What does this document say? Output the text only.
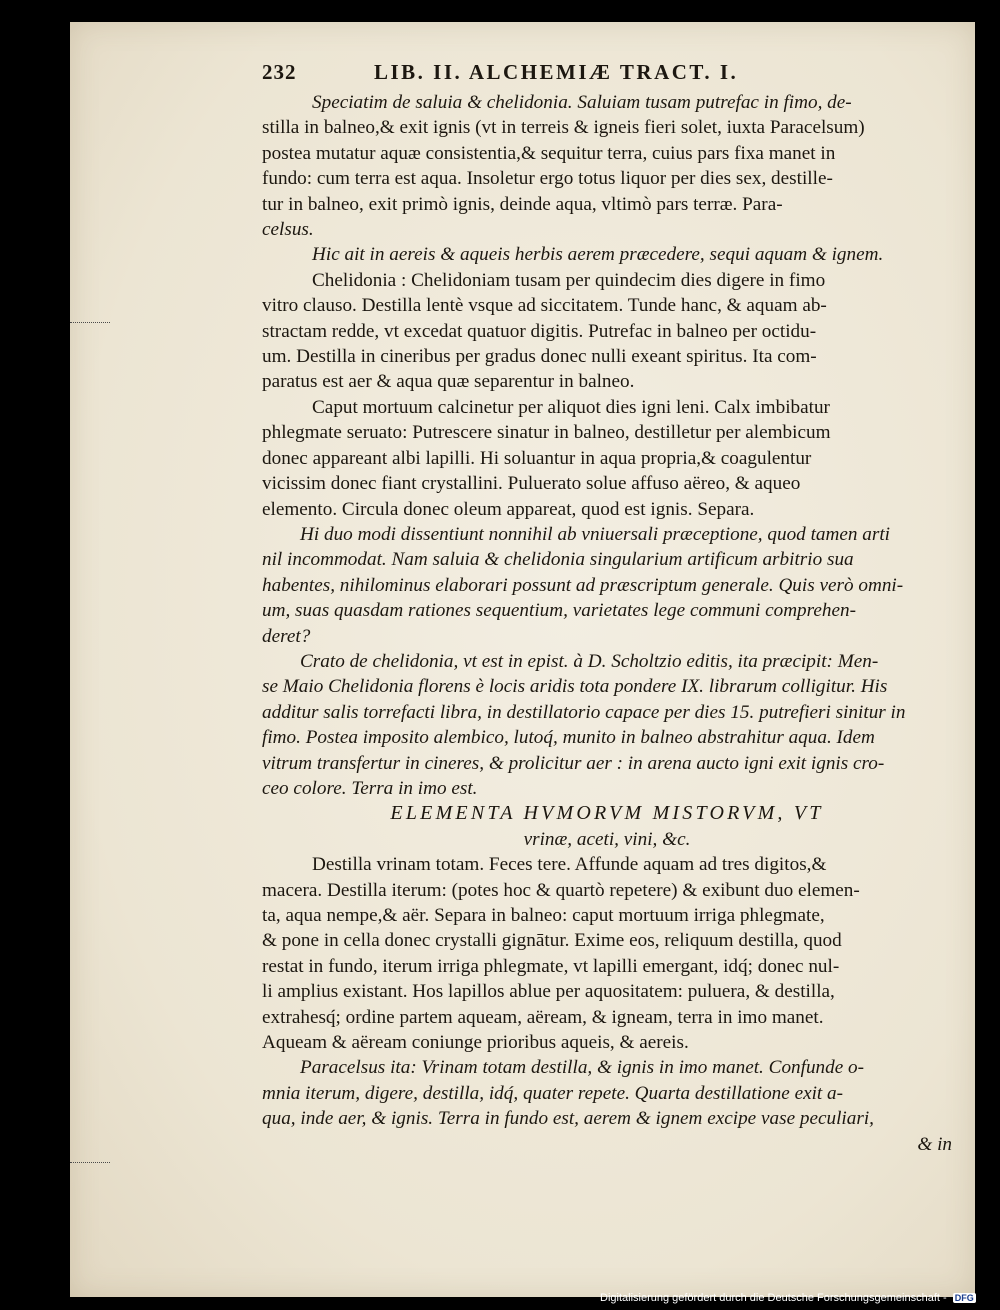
232	LIB. II. ALCHEMIÆ TRACT. I.
Speciatim de saluia & chelidonia. Saluiam tusam putrefac in fimo, de-
stilla in balneo,& exit ignis (vt in terreis & igneis fieri solet, iuxta Paracelsum)
postea mutatur aquæ consistentia,& sequitur terra, cuius pars fixa manet in
fundo: cum terra est aqua. Insoletur ergo totus liquor per dies sex, destille-
tur in balneo, exit primò ignis, deinde aqua, vltimò pars terræ. Para-
celsus.
Hic ait in aereis & aqueis herbis aerem præcedere, sequi aquam & ignem.
Chelidonia : Chelidoniam tusam per quindecim dies digere in fimo
vitro clauso. Destilla lentè vsque ad siccitatem. Tunde hanc, & aquam ab-
stractam redde, vt excedat quatuor digitis. Putrefac in balneo per octidu-
um. Destilla in cineribus per gradus donec nulli exeant spiritus. Ita com-
paratus est aer & aqua quæ separentur in balneo.
Caput mortuum calcinetur per aliquot dies igni leni. Calx imbibatur
phlegmate seruato: Putrescere sinatur in balneo, destilletur per alembicum
donec appareant albi lapilli. Hi soluantur in aqua propria,& coagulentur
vicissim donec fiant crystallini. Puluerato solue affuso aëreo, & aqueo
elemento. Circula donec oleum appareat, quod est ignis. Separa.
Hi duo modi dissentiunt nonnihil ab vniuersali præceptione, quod tamen arti
nil incommodat. Nam saluia & chelidonia singularium artificum arbitrio sua
habentes, nihilominus elaborari possunt ad præscriptum generale. Quis verò omni-
um, suas quasdam rationes sequentium, varietates lege communi comprehen-
deret?
Crato de chelidonia, vt est in epist. à D. Scholtzio editis, ita præcipit: Men-
se Maio Chelidonia florens è locis aridis tota pondere IX. librarum colligitur. His
additur salis torrefacti libra, in destillatorio capace per dies 15. putrefieri sinitur in
fimo. Postea imposito alembico, lutoq́, munito in balneo abstrahitur aqua. Idem
vitrum transfertur in cineres, & prolicitur aer : in arena aucto igni exit ignis cro-
ceo colore. Terra in imo est.
ELEMENTA HVMORVM MISTORVM, VT
vrinæ, aceti, vini, &c.
Destilla vrinam totam. Feces tere. Affunde aquam ad tres digitos,&
macera. Destilla iterum: (potes hoc & quartò repetere) & exibunt duo elemen-
ta, aqua nempe,& aër. Separa in balneo: caput mortuum irriga phlegmate,
& pone in cella donec crystalli gignātur. Exime eos, reliquum destilla, quod
restat in fundo, iterum irriga phlegmate, vt lapilli emergant, idq́; donec nul-
li amplius existant. Hos lapillos ablue per aquositatem: puluera, & destilla,
extrahesq́; ordine partem aqueam, aëream, & igneam, terra in imo manet.
Aqueam & aëream coniunge prioribus aqueis, & aereis.
Paracelsus ita: Vrinam totam destilla, & ignis in imo manet. Confunde o-
mnia iterum, digere, destilla, idq́, quater repete. Quarta destillatione exit a-
qua, inde aer, & ignis. Terra in fundo est, aerem & ignem excipe vase peculiari,
& in
Digitalisierung gefördert durch die Deutsche Forschungsgemeinschaft - DFG
